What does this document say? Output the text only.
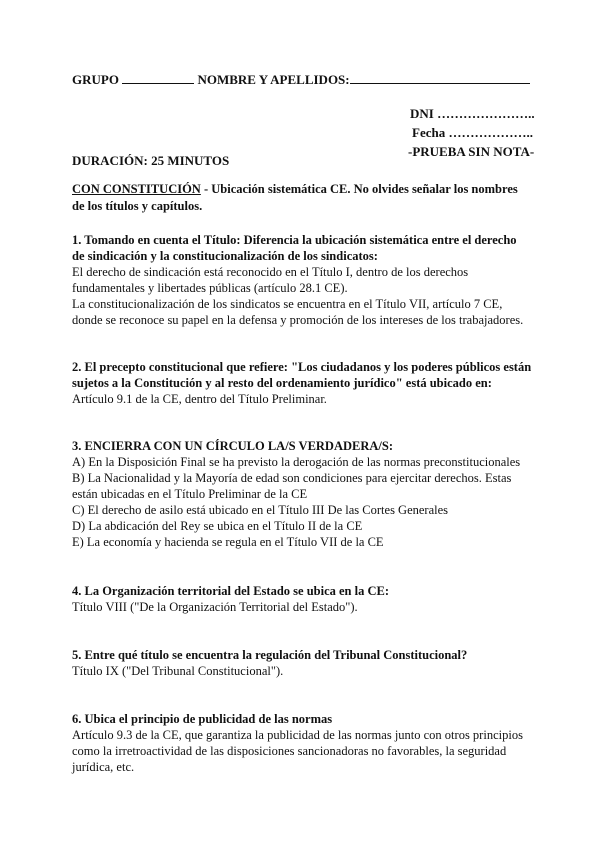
GRUPO	NOMBRE Y APELLIDOS:
DNI …………………..
Fecha ………………..
-PRUEBA SIN NOTA-
DURACIÓN: 25 MINUTOS
CON CONSTITUCIÓN - Ubicación sistemática CE. No olvides señalar los nombres de los títulos y capítulos.
1. Tomando en cuenta el Título: Diferencia la ubicación sistemática entre el derecho de sindicación y la constitucionalización de los sindicatos:
El derecho de sindicación está reconocido en el Título I, dentro de los derechos fundamentales y libertades públicas (artículo 28.1 CE).
La constitucionalización de los sindicatos se encuentra en el Título VII, artículo 7 CE, donde se reconoce su papel en la defensa y promoción de los intereses de los trabajadores.
2. El precepto constitucional que refiere: "Los ciudadanos y los poderes públicos están sujetos a la Constitución y al resto del ordenamiento jurídico" está ubicado en:
Artículo 9.1 de la CE, dentro del Título Preliminar.
3. ENCIERRA CON UN CÍRCULO LA/S VERDADERA/S:
A) En la Disposición Final se ha previsto la derogación de las normas preconstitucionales
B) La Nacionalidad y la Mayoría de edad son condiciones para ejercitar derechos. Estas están ubicadas en el Título Preliminar de la CE
C) El derecho de asilo está ubicado en el Título III De las Cortes Generales
D) La abdicación del Rey se ubica en el Título II de la CE
E) La economía y hacienda se regula en el Título VII de la CE
4. La Organización territorial del Estado se ubica en la CE:
Título VIII ("De la Organización Territorial del Estado").
5. Entre qué título se encuentra la regulación del Tribunal Constitucional?
Título IX ("Del Tribunal Constitucional").
6. Ubica el principio de publicidad de las normas
Artículo 9.3 de la CE, que garantiza la publicidad de las normas junto con otros principios como la irretroactividad de las disposiciones sancionadoras no favorables, la seguridad jurídica, etc.
